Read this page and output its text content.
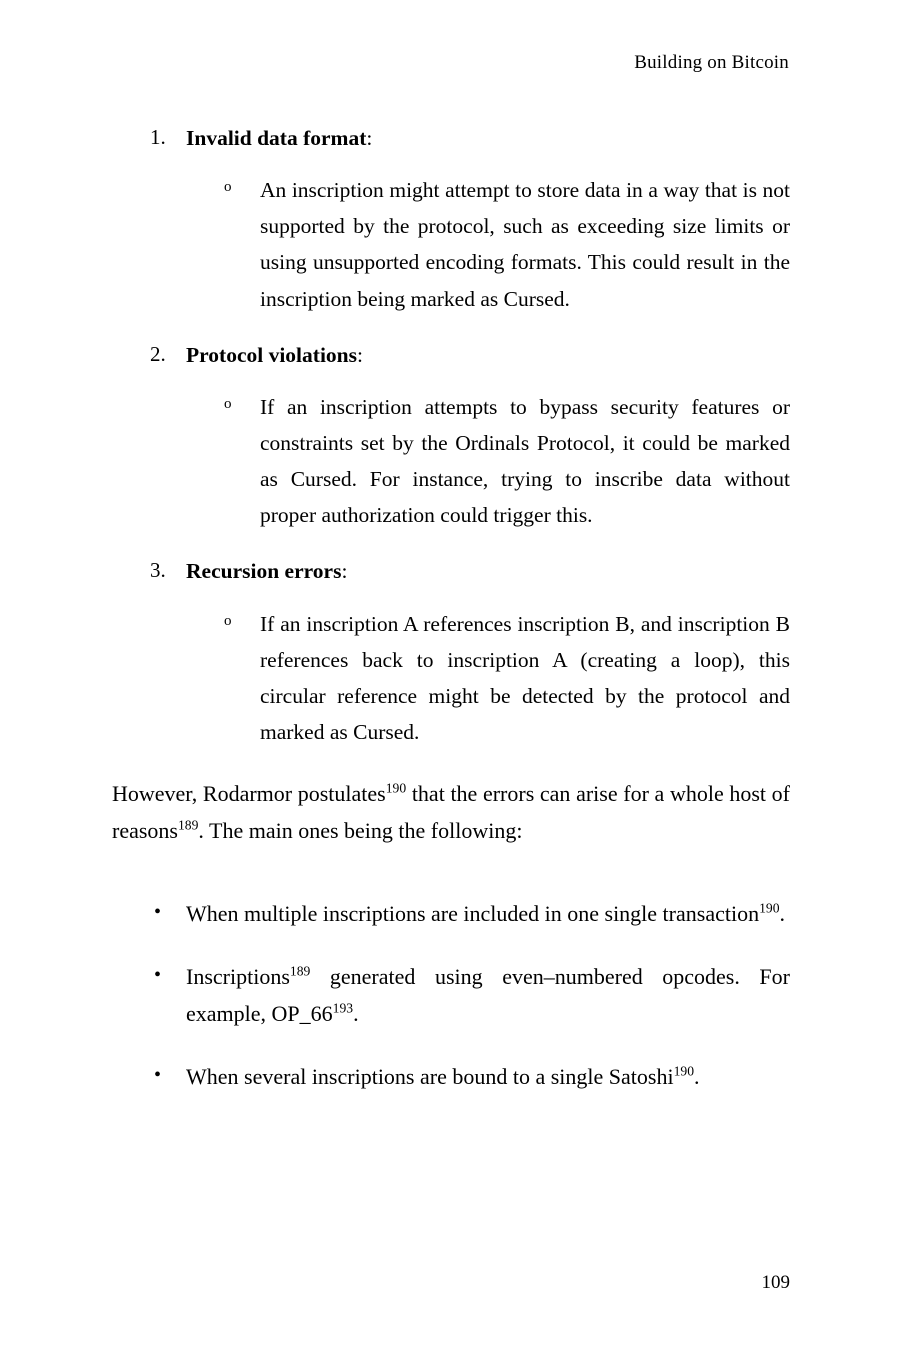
Building on Bitcoin
1. Invalid data format:
o An inscription might attempt to store data in a way that is not supported by the protocol, such as exceeding size limits or using unsupported encoding formats. This could result in the inscription being marked as Cursed.

2. Protocol violations:
o If an inscription attempts to bypass security features or constraints set by the Ordinals Protocol, it could be marked as Cursed. For instance, trying to inscribe data without proper authorization could trigger this.

3. Recursion errors:
o If an inscription A references inscription B, and inscription B references back to inscription A (creating a loop), this circular reference might be detected by the protocol and marked as Cursed.

However, Rodarmor postulates$^{190}$ that the errors can arise for a whole host of reasons$^{189}$. The main ones being the following:

• When multiple inscriptions are included in one single transaction$^{190}$.

• Inscriptions$^{189}$ generated using even–numbered opcodes. For example, $OP\_66^{193}$.

• When several inscriptions are bound to a single Satoshi$^{190}$.

109
